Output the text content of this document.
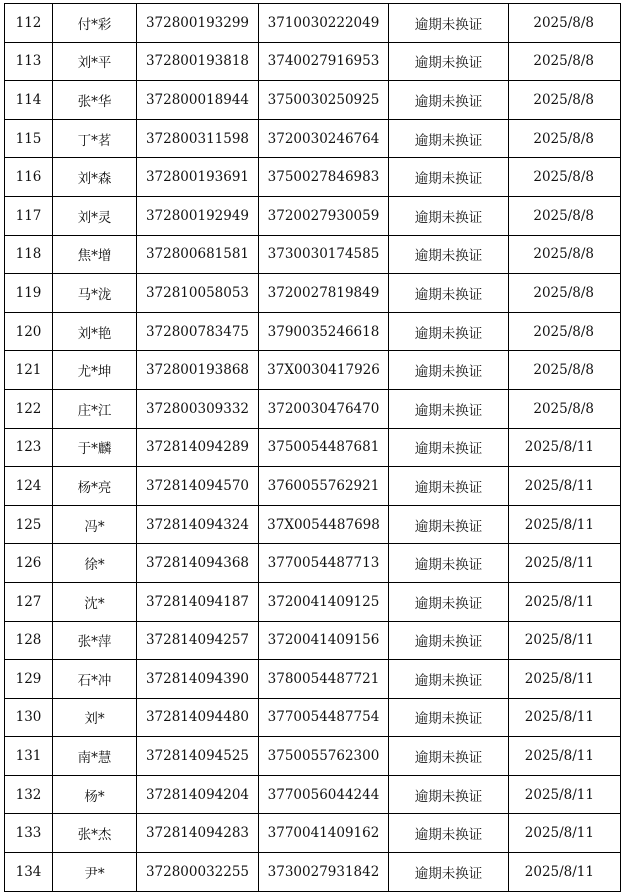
112	付*彩	372800193299	3710030222049	逾期未换证	2025/8/8
113	刘*平	372800193818	3740027916953	逾期未换证	2025/8/8
114	张*华	372800018944	3750030250925	逾期未换证	2025/8/8
115	丁*茗	372800311598	3720030246764	逾期未换证	2025/8/8
116	刘*森	372800193691	3750027846983	逾期未换证	2025/8/8
117	刘*灵	372800192949	3720027930059	逾期未换证	2025/8/8
118	焦*增	372800681581	3730030174585	逾期未换证	2025/8/8
119	马*泷	372810058053	3720027819849	逾期未换证	2025/8/8
120	刘*艳	372800783475	3790035246618	逾期未换证	2025/8/8
121	尤*坤	372800193868	37X0030417926	逾期未换证	2025/8/8
122	庄*江	372800309332	3720030476470	逾期未换证	2025/8/8
123	于*麟	372814094289	3750054487681	逾期未换证	2025/8/11
124	杨*亮	372814094570	3760055762921	逾期未换证	2025/8/11
125	冯*	372814094324	37X0054487698	逾期未换证	2025/8/11
126	徐*	372814094368	3770054487713	逾期未换证	2025/8/11
127	沈*	372814094187	3720041409125	逾期未换证	2025/8/11
128	张*萍	372814094257	3720041409156	逾期未换证	2025/8/11
129	石*冲	372814094390	3780054487721	逾期未换证	2025/8/11
130	刘*	372814094480	3770054487754	逾期未换证	2025/8/11
131	南*慧	372814094525	3750055762300	逾期未换证	2025/8/11
132	杨*	372814094204	3770056044244	逾期未换证	2025/8/11
133	张*杰	372814094283	3770041409162	逾期未换证	2025/8/11
134	尹*	372800032255	3730027931842	逾期未换证	2025/8/11
